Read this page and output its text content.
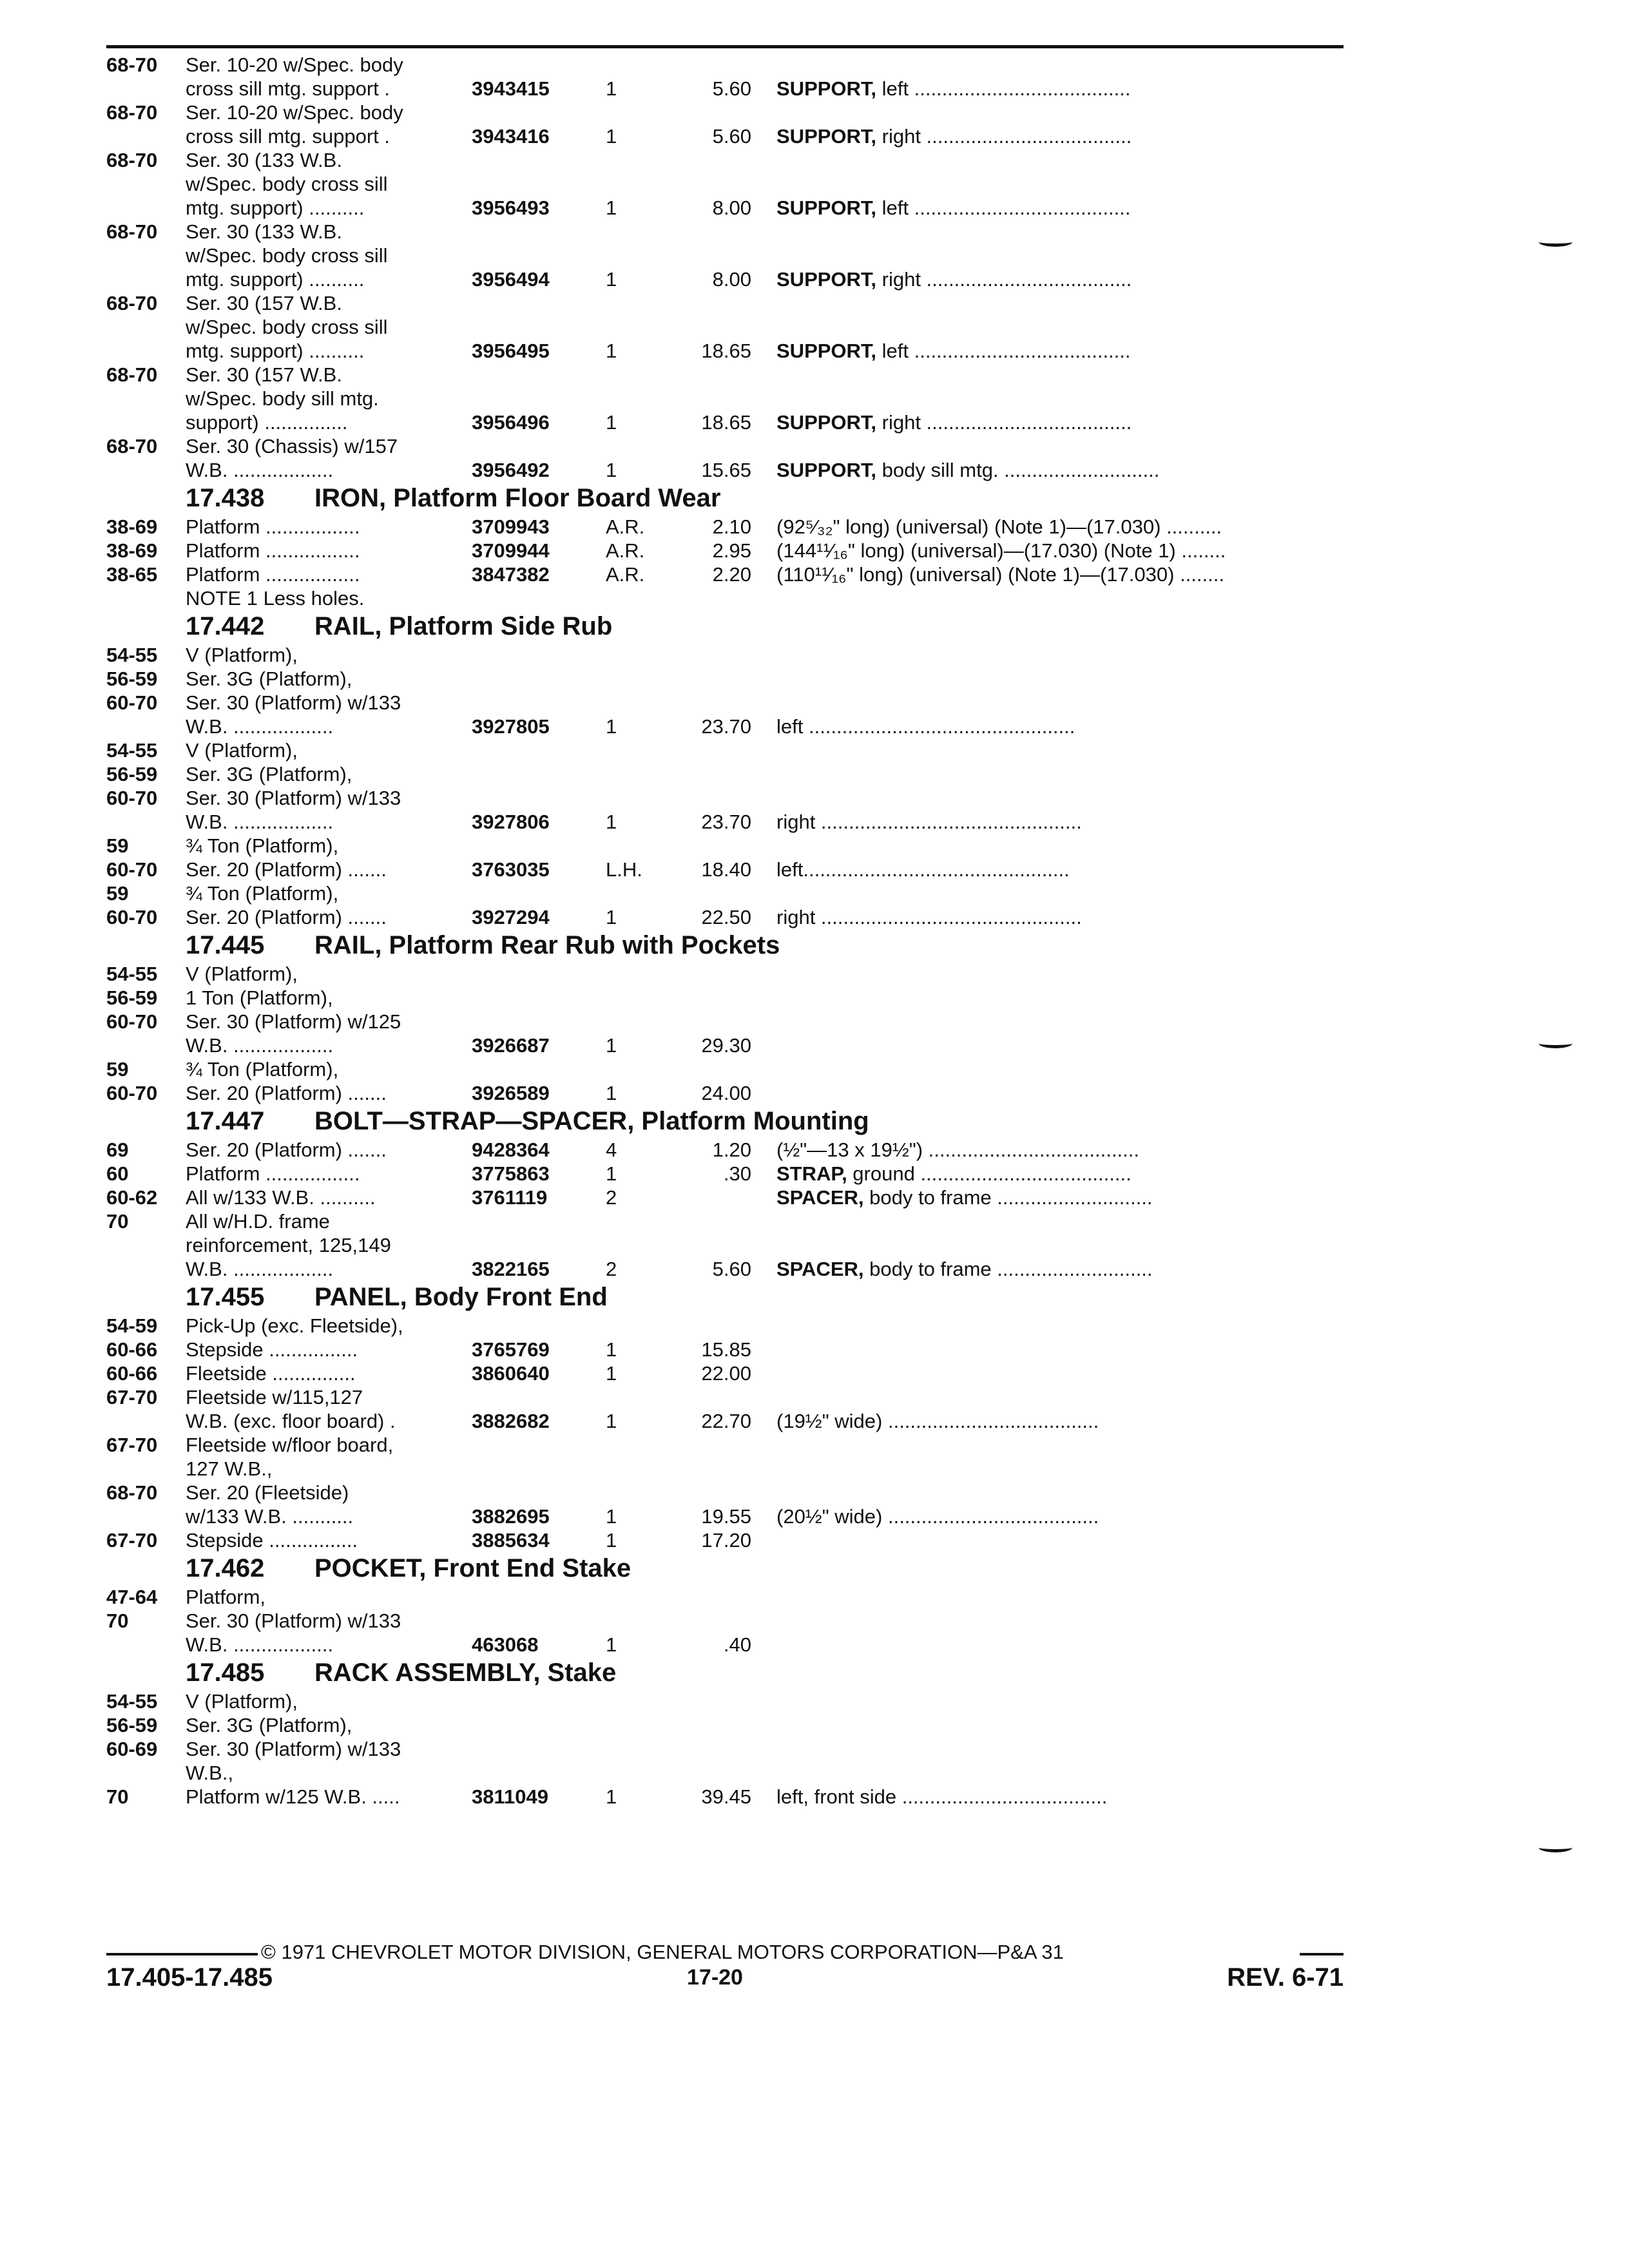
68-70 Ser. 10-20 w/Spec. body
cross sill mtg. support .	3943415	1	5.60 SUPPORT, left .......................................
68-70 Ser. 10-20 w/Spec. body
cross sill mtg. support .	3943416	1	5.60 SUPPORT, right .....................................
68-70 Ser. 30 (133 W.B.
w/Spec. body cross sill
mtg. support) ..........	3956493	1	8.00 SUPPORT, left .......................................
68-70 Ser. 30 (133 W.B.
w/Spec. body cross sill
mtg. support) ..........	3956494	1	8.00 SUPPORT, right .....................................
68-70 Ser. 30 (157 W.B.
w/Spec. body cross sill
mtg. support) ..........	3956495	1	18.65 SUPPORT, left .......................................
68-70 Ser. 30 (157 W.B.
w/Spec. body sill mtg.
support) ...............	3956496	1	18.65 SUPPORT, right .....................................
68-70 Ser. 30 (Chassis) w/157
W.B. ..................	3956492	1	15.65 SUPPORT, body sill mtg. ............................
17.438 IRON, Platform Floor Board Wear
38-69 Platform .................	3709943	A.R.	2.10 (92⁵⁄₃₂" long) (universal) (Note 1)—(17.030) ..........
38-69 Platform .................	3709944	A.R.	2.95 (144¹¹⁄₁₆" long) (universal)—(17.030) (Note 1) ........
38-65 Platform .................	3847382	A.R.	2.20 (110¹¹⁄₁₆" long) (universal) (Note 1)—(17.030) ........
NOTE 1 Less holes.
17.442 RAIL, Platform Side Rub
54-55 V (Platform),
56-59 Ser. 3G (Platform),
60-70 Ser. 30 (Platform) w/133
W.B. ..................	3927805	1	23.70 left ................................................
54-55 V (Platform),
56-59 Ser. 3G (Platform),
60-70 Ser. 30 (Platform) w/133
W.B. ..................	3927806	1	23.70 right ...............................................
59	¾ Ton (Platform),
60-70 Ser. 20 (Platform) .......	3763035	L.H.	18.40 left................................................
59	¾ Ton (Platform),
60-70 Ser. 20 (Platform) .......	3927294	1	22.50 right ...............................................
17.445 RAIL, Platform Rear Rub with Pockets
54-55 V (Platform),
56-59 1 Ton (Platform),
60-70 Ser. 30 (Platform) w/125
W.B. ..................	3926687	1	29.30
59	¾ Ton (Platform),
60-70 Ser. 20 (Platform) .......	3926589	1	24.00
17.447 BOLT—STRAP—SPACER, Platform Mounting
69	Ser. 20 (Platform) .......	9428364	4	1.20 (½"—13 x 19½") ......................................
60	Platform .................	3775863	1	.30 STRAP, ground ......................................
60-62 All w/133 W.B. ..........	3761119	2	SPACER, body to frame ............................
70	All w/H.D. frame
reinforcement, 125,149
W.B. ..................	3822165	2	5.60 SPACER, body to frame ............................
17.455 PANEL, Body Front End
54-59 Pick-Up (exc. Fleetside),
60-66 Stepside ................	3765769	1	15.85
60-66 Fleetside ...............	3860640	1	22.00
67-70 Fleetside w/115,127
W.B. (exc. floor board) .	3882682	1	22.70 (19½" wide) ......................................
67-70 Fleetside w/floor board,
127 W.B.,
68-70 Ser. 20 (Fleetside)
w/133 W.B. ...........	3882695	1	19.55 (20½" wide) ......................................
67-70 Stepside ................	3885634	1	17.20
17.462 POCKET, Front End Stake
47-64 Platform,
70	Ser. 30 (Platform) w/133
W.B. ..................	463068	1	.40
17.485 RACK ASSEMBLY, Stake
54-55 V (Platform),
56-59 Ser. 3G (Platform),
60-69 Ser. 30 (Platform) w/133
W.B.,
70	Platform w/125 W.B. .....	3811049	1	39.45 left, front side .....................................
© 1971 CHEVROLET MOTOR DIVISION, GENERAL MOTORS CORPORATION—P&A 31
17.405-17.485	17-20	REV. 6-71
